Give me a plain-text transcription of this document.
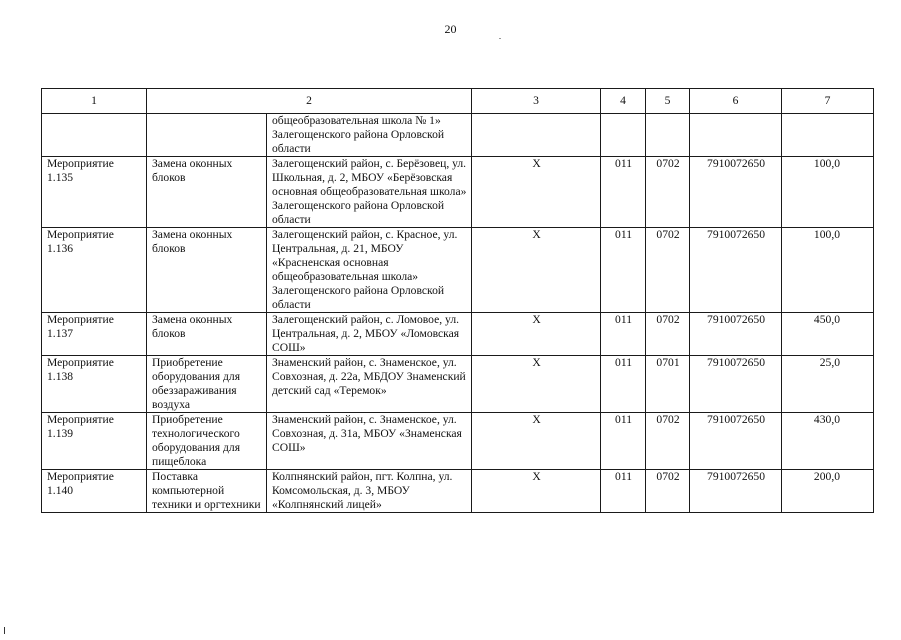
20
1	2		3	4	5	6	7
		общеобразовательная школа № 1» Залегощенского района Орловской области					
Мероприятие 1.135	Замена оконных блоков	Залегощенский район, с. Берёзовец, ул. Школьная, д. 2, МБОУ «Берёзовская основная общеобразовательная школа» Залегощенского района Орловской области	X	011	0702	7910072650	100,0
Мероприятие 1.136	Замена оконных блоков	Залегощенский район, с. Красное, ул. Центральная, д. 21, МБОУ «Красненская основная общеобразовательная школа» Залегощенского района Орловской области	X	011	0702	7910072650	100,0
Мероприятие 1.137	Замена оконных блоков	Залегощенский район, с. Ломовое, ул. Центральная, д. 2, МБОУ «Ломовская СОШ»	X	011	0702	7910072650	450,0
Мероприятие 1.138	Приобретение оборудования для обеззараживания воздуха	Знаменский район, с. Знаменское, ул. Совхозная, д. 22а, МБДОУ Знаменский детский сад «Теремок»	X	011	0701	7910072650	25,0
Мероприятие 1.139	Приобретение технологического оборудования для пищеблока	Знаменский район, с. Знаменское, ул. Совхозная, д. 31а, МБОУ «Знаменская СОШ»	X	011	0702	7910072650	430,0
Мероприятие 1.140	Поставка компьютерной техники и оргтехники	Колпнянский район, пгт. Колпна, ул. Комсомольская, д. 3, МБОУ «Колпнянский лицей»	X	011	0702	7910072650	200,0
